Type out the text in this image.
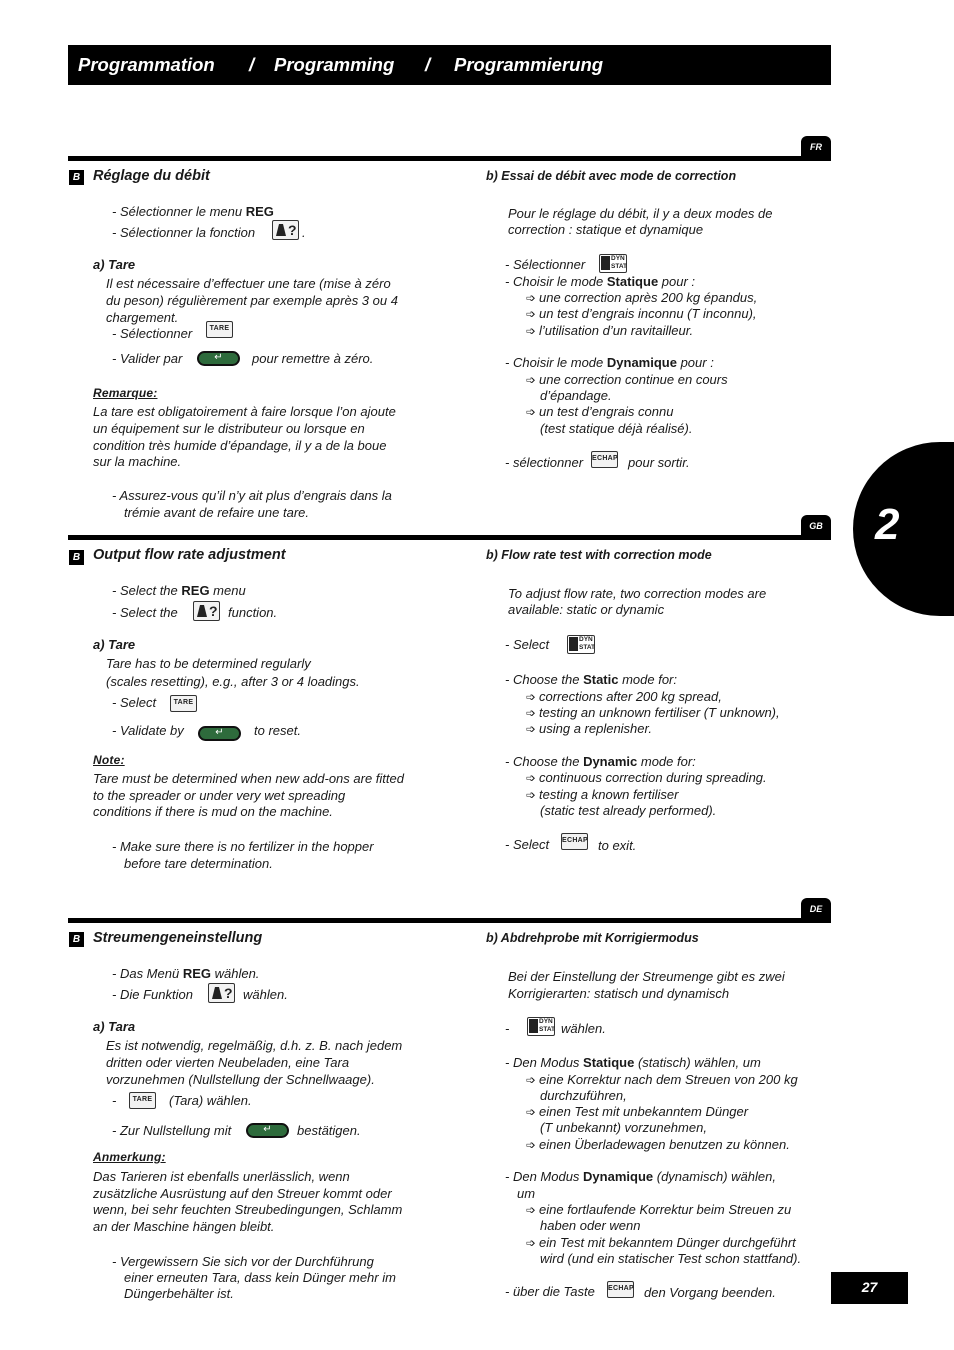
Programmation / Programming / Programmierung
2
FR
B Réglage du débit
- Sélectionner le menu REG
- Sélectionner la fonction ? .
a) Tare
Il est nécessaire d’effectuer une tare (mise à zéro
du peson) régulièrement par exemple après 3 ou 4
chargement.
- Sélectionner	TARE
- Valider par	↵	pour remettre à zéro.
Remarque:
La tare est obligatoirement à faire lorsque l’on ajoute
un équipement sur le distributeur ou lorsque en
condition très humide d’épandage, il y a de la boue
sur la machine.
- Assurez-vous qu’il n’y ait plus d’engrais dans la
trémie avant de refaire une tare.
b) Essai de débit avec mode de correction
Pour le réglage du débit, il y a deux modes de
correction : statique et dynamique
- Sélectionner	DYN
STAT
- Choisir le mode Statique pour :
➩ une correction après 200 kg épandus,
➩ un test d’engrais inconnu (T inconnu),
➩ l’utilisation d’un ravitailleur.
- Choisir le mode Dynamique pour :
➩ une correction continue en cours
d’épandage.
➩ un test d’engrais connu
(test statique déjà réalisé).
- sélectionner ECHAP pour sortir.
GB
B Output flow rate adjustment
- Select the REG menu
- Select the ? function.
a) Tare
Tare has to be determined regularly
(scales resetting), e.g., after 3 or 4 loadings.
- Select	TARE
- Validate by	↵	to reset.
Note:
Tare must be determined when new add-ons are fitted
to the spreader or under very wet spreading
conditions if there is mud on the machine.
- Make sure there is no fertilizer in the hopper
before tare determination.
b) Flow rate test with correction mode
To adjust flow rate, two correction modes are
available: static or dynamic
- Select	DYN
STAT
- Choose the Static mode for:
➩ corrections after 200 kg spread,
➩ testing an unknown fertiliser (T unknown),
➩ using a replenisher.
- Choose the Dynamic mode for:
➩ continuous correction during spreading.
➩ testing a known fertiliser
(static test already performed).
- Select ECHAP to exit.
DE
B Streumengeneinstellung
- Das Menü REG wählen.
- Die Funktion ? wählen.
a) Tara
Es ist notwendig, regelmäßig, d.h. z. B. nach jedem
dritten oder vierten Neubeladen, eine Tara
vorzunehmen (Nullstellung der Schnellwaage).
-	TARE (Tara) wählen.
- Zur Nullstellung mit	↵	bestätigen.
Anmerkung:
Das Tarieren ist ebenfalls unerlässlich, wenn
zusätzliche Ausrüstung auf den Streuer kommt oder
wenn, bei sehr feuchten Streubedingungen, Schlamm
an der Maschine hängen bleibt.
- Vergewissern Sie sich vor der Durchführung
einer erneuten Tara, dass kein Dünger mehr im
Düngerbehälter ist.
b) Abdrehprobe mit Korrigiermodus
Bei der Einstellung der Streumenge gibt es zwei
Korrigierarten: statisch und dynamisch
-	DYN
STAT wählen.
- Den Modus Statique (statisch) wählen, um
➩ eine Korrektur nach dem Streuen von 200 kg
durchzuführen,
➩ einen Test mit unbekanntem Dünger
(T unbekannt) vorzunehmen,
➩ einen Überladewagen benutzen zu können.
- Den Modus Dynamique (dynamisch) wählen,
um
➩ eine fortlaufende Korrektur beim Streuen zu
haben oder wenn
➩ ein Test mit bekanntem Dünger durchgeführt
wird (und ein statischer Test schon stattfand).
- über die Taste ECHAP den Vorgang beenden.	27
